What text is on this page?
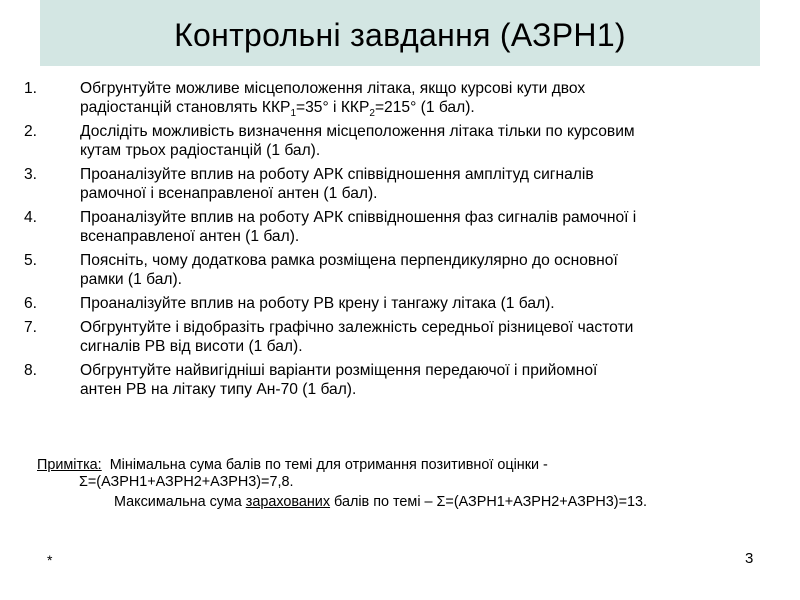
Контрольні завдання (АЗРН1)
1.	Обгрунтуйте можливе місцеположення літака, якщо курсові кути двох
радіостанцій становлять $ККР_1=35^\circ$ і $ККР_2=215^\circ$ (1 бал).
2.	Дослідіть можливість визначення місцеположення літака тільки по курсовим
кутам трьох радіостанцій (1 бал).
3.	Проаналізуйте вплив на роботу АРК співвідношення амплітуд сигналів
рамочної і всенаправленої антен (1 бал).
4.	Проаналізуйте вплив на роботу АРК співвідношення фаз сигналів рамочної і
всенаправленої антен (1 бал).
5.	Поясніть, чому додаткова рамка розміщена перпендикулярно до основної
рамки (1 бал).
6.	Проаналізуйте вплив на роботу РВ крену і тангажу літака (1 бал).
7.	Обгрунтуйте і відобразіть графічно залежність середньої різницевої частоти
сигналів РВ від висоти (1 бал).
8.	Обгрунтуйте найвигідніші варіанти розміщення передаючої і прийомної
антен РВ на літаку типу Ан-70 (1 бал).
Примітка: Мінімальна сума балів по темі для отримання позитивної оцінки -
Σ=(АЗРН1+АЗРН2+АЗРН3)=7,8.
Максимальна сума зарахованих балів по темі – Σ=(АЗРН1+АЗРН2+АЗРН3)=13.
*	3
